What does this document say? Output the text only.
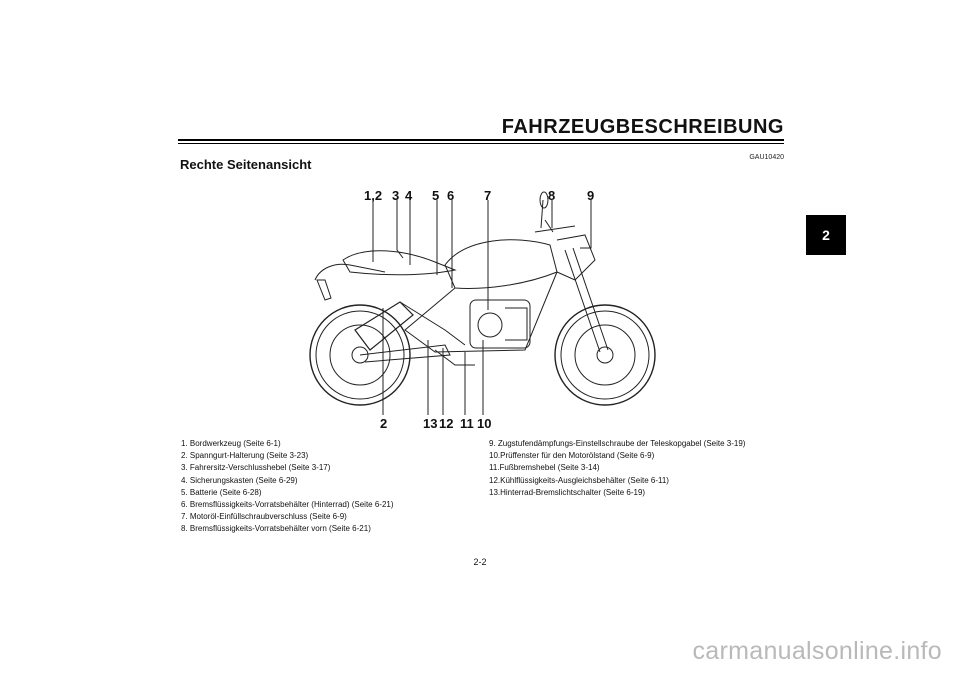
FAHRZEUGBESCHREIBUNG
2
GAU10420
Rechte Seitenansicht
1,2 3 4 5 6 7	8 9
2	13 12 11 10
1. Bordwerkzeug (Seite 6-1)
2. Spanngurt-Halterung (Seite 3-23)
3. Fahrersitz-Verschlusshebel (Seite 3-17)
4. Sicherungskasten (Seite 6-29)
5. Batterie (Seite 6-28)
6. Bremsflüssigkeits-Vorratsbehälter (Hinterrad) (Seite 6-21)
7. Motoröl-Einfüllschraubverschluss (Seite 6-9)
8. Bremsflüssigkeits-Vorratsbehälter vorn (Seite 6-21)
9. Zugstufendämpfungs-Einstellschraube der Teleskopgabel (Seite 3-19)
10.Prüffenster für den Motorölstand (Seite 6-9)
11.Fußbremshebel (Seite 3-14)
12.Kühlflüssigkeits-Ausgleichsbehälter (Seite 6-11)
13.Hinterrad-Bremslichtschalter (Seite 6-19)
2-2
carmanualsonline.info
